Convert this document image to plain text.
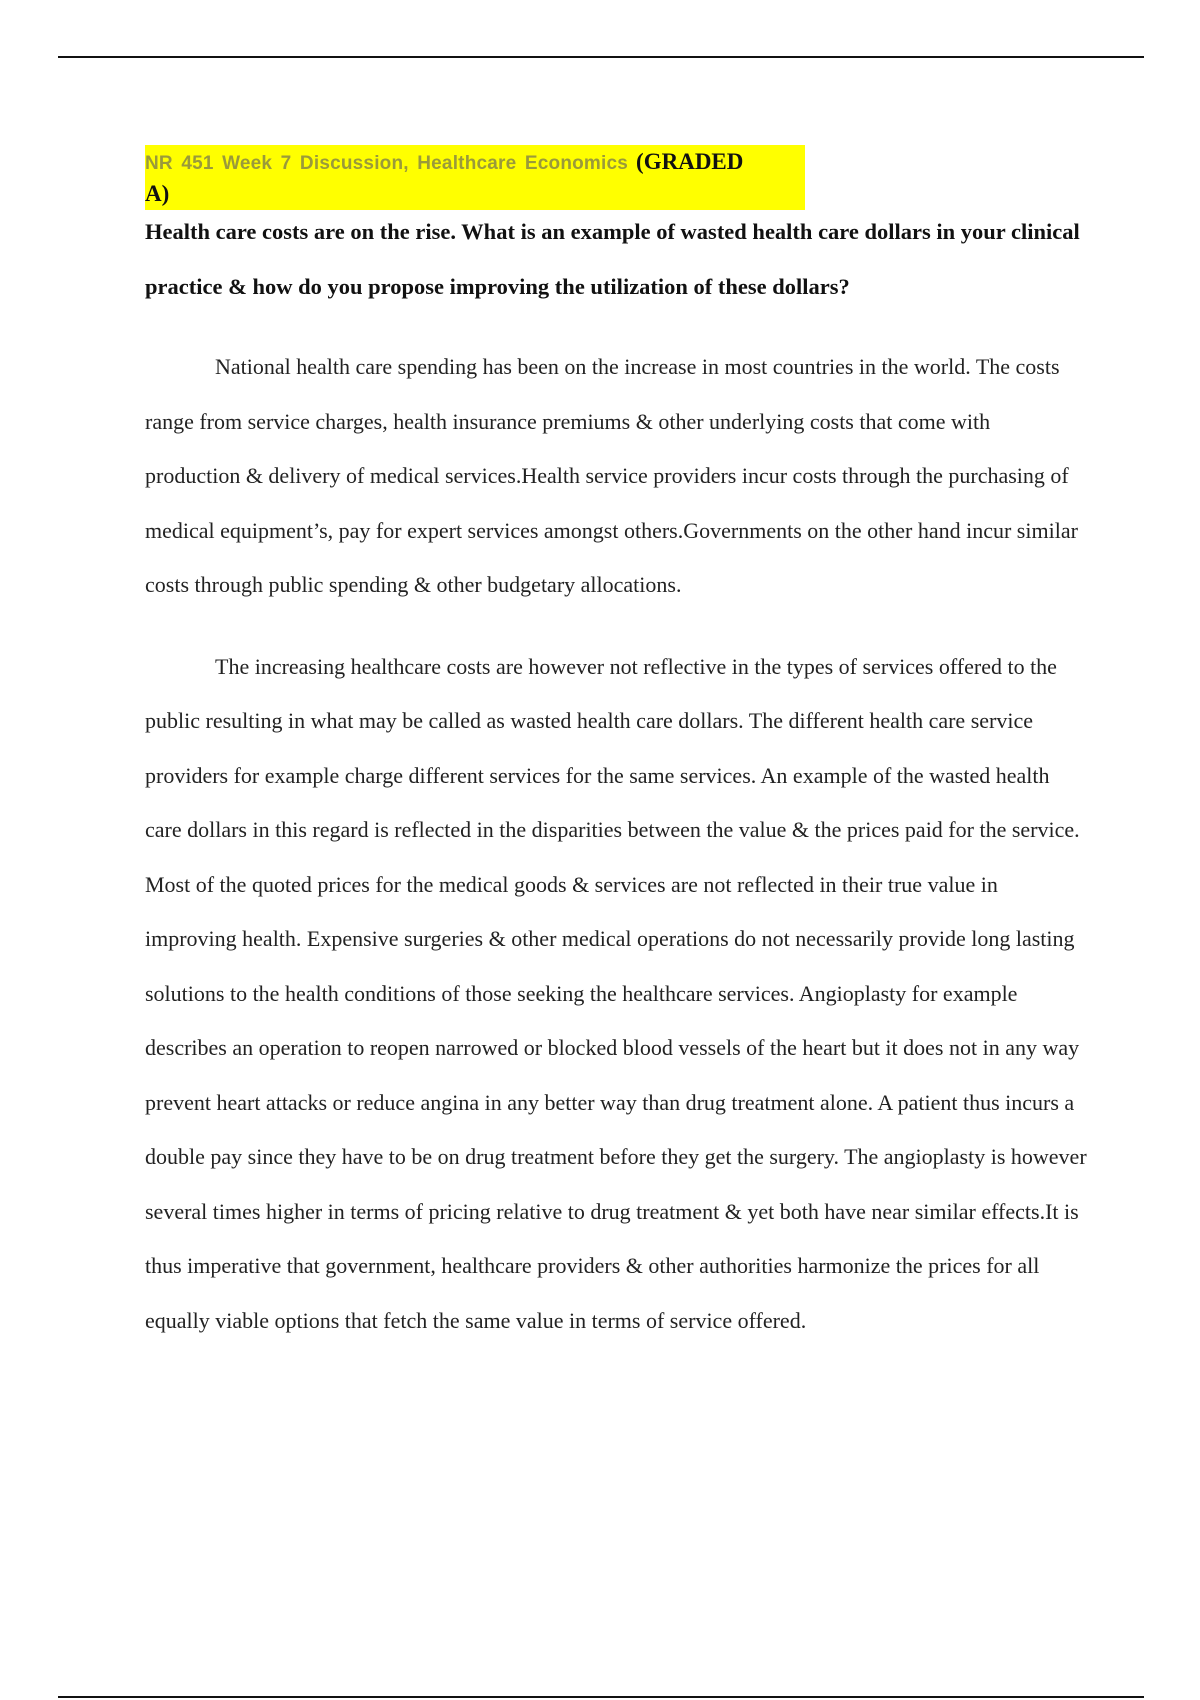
NR 451 Week 7 Discussion, Healthcare Economics (GRADED
A)

Health care costs are on the rise. What is an example of wasted health care dollars in your clinical practice & how do you propose improving the utilization of these dollars?

National health care spending has been on the increase in most countries in the world. The costs range from service charges, health insurance premiums & other underlying costs that come with production & delivery of medical services.Health service providers incur costs through the purchasing of medical equipment’s, pay for expert services amongst others.Governments on the other hand incur similar costs through public spending & other budgetary allocations.

The increasing healthcare costs are however not reflective in the types of services offered to the public resulting in what may be called as wasted health care dollars. The different health care service providers for example charge different services for the same services. An example of the wasted health care dollars in this regard is reflected in the disparities between the value & the prices paid for the service. Most of the quoted prices for the medical goods & services are not reflected in their true value in improving health. Expensive surgeries & other medical operations do not necessarily provide long lasting solutions to the health conditions of those seeking the healthcare services. Angioplasty for example describes an operation to reopen narrowed or blocked blood vessels of the heart but it does not in any way prevent heart attacks or reduce angina in any better way than drug treatment alone. A patient thus incurs a double pay since they have to be on drug treatment before they get the surgery. The angioplasty is however several times higher in terms of pricing relative to drug treatment & yet both have near similar effects.It is thus imperative that government, healthcare providers & other authorities harmonize the prices for all equally viable options that fetch the same value in terms of service offered.
